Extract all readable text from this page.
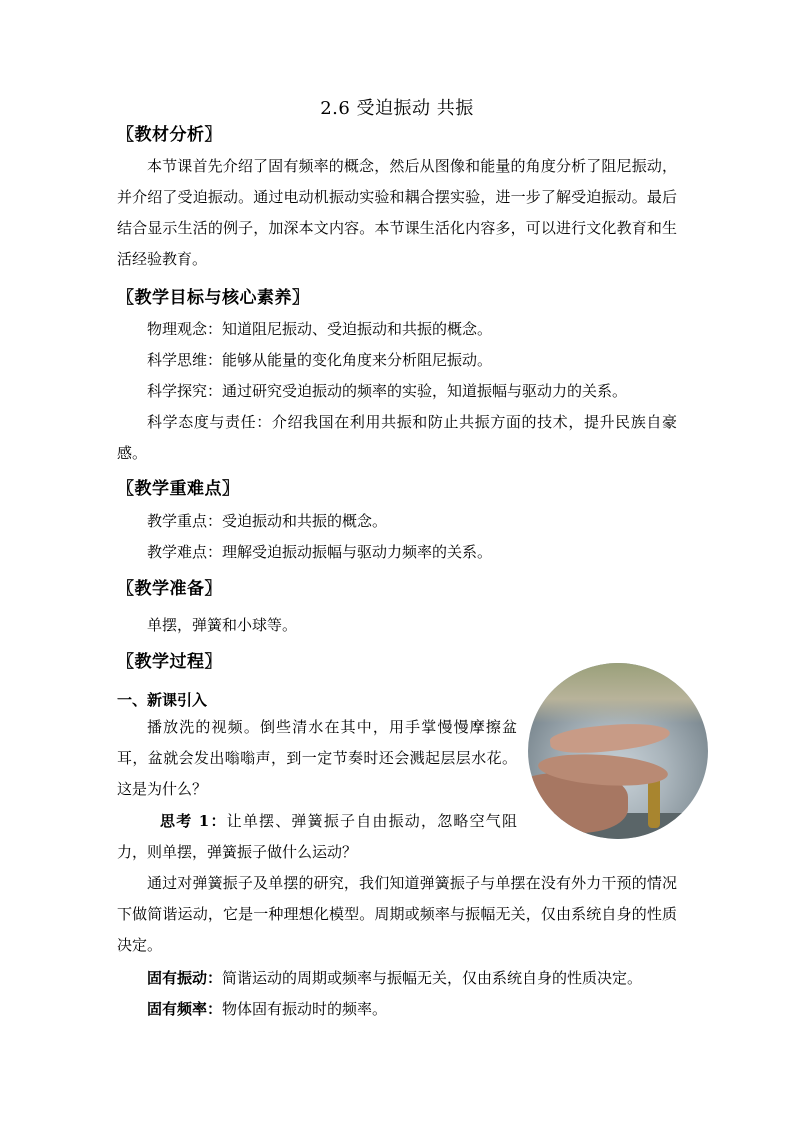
2.6 受迫振动 共振
〖教材分析〗

本节课首先介绍了固有频率的概念，然后从图像和能量的角度分析了阻尼振动，并介绍了受迫振动。通过电动机振动实验和耦合摆实验，进一步了解受迫振动。最后结合显示生活的例子，加深本文内容。本节课生活化内容多，可以进行文化教育和生活经验教育。

〖教学目标与核心素养〗
物理观念：知道阻尼振动、受迫振动和共振的概念。
科学思维：能够从能量的变化角度来分析阻尼振动。
科学探究：通过研究受迫振动的频率的实验，知道振幅与驱动力的关系。

科学态度与责任：介绍我国在利用共振和防止共振方面的技术，提升民族自豪感。

〖教学重难点〗
教学重点：受迫振动和共振的概念。
教学难点：理解受迫振动振幅与驱动力频率的关系。
〖教学准备〗
单摆，弹簧和小球等。
〖教学过程〗
一、新课引入

播放洗的视频。倒些清水在其中，用手掌慢慢摩擦盆耳，盆就会发出嗡嗡声，到一定节奏时还会溅起层层水花。这是为什么？

思考 1：让单摆、弹簧振子自由振动，忽略空气阻力，则单摆，弹簧振子做什么运动？

通过对弹簧振子及单摆的研究，我们知道弹簧振子与单摆在没有外力干预的情况下做简谐运动，它是一种理想化模型。周期或频率与振幅无关，仅由系统自身的性质决定。

固有振动：简谐运动的周期或频率与振幅无关，仅由系统自身的性质决定。
固有频率：物体固有振动时的频率。
